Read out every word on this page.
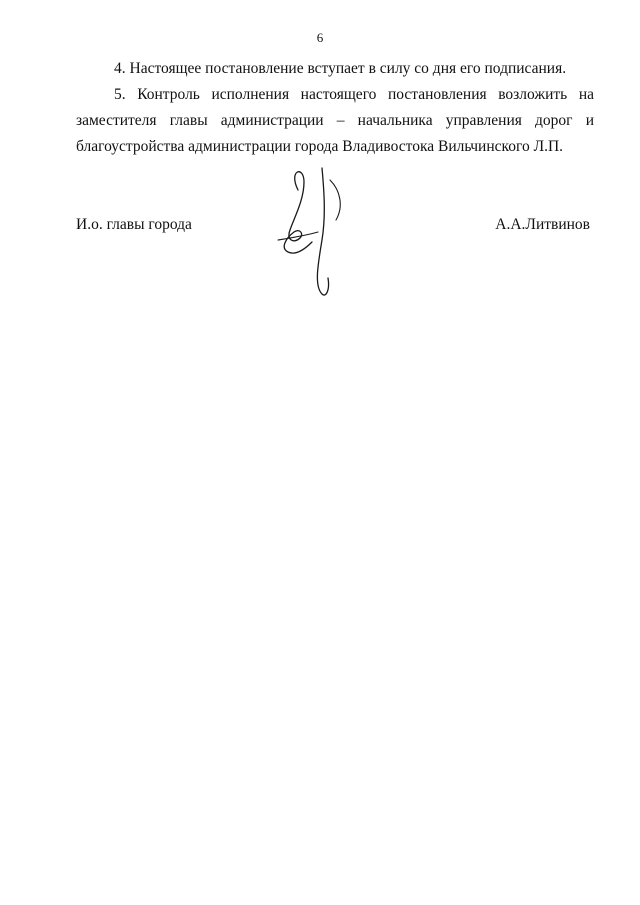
6

4. Настоящее постановление вступает в силу со дня его подписания.

5. Контроль исполнения настоящего постановления возложить на заместителя главы администрации – начальника управления дорог и благоустройства администрации города Владивостока Вильчинского Л.П.

И.о. главы города	А.А.Литвинов
